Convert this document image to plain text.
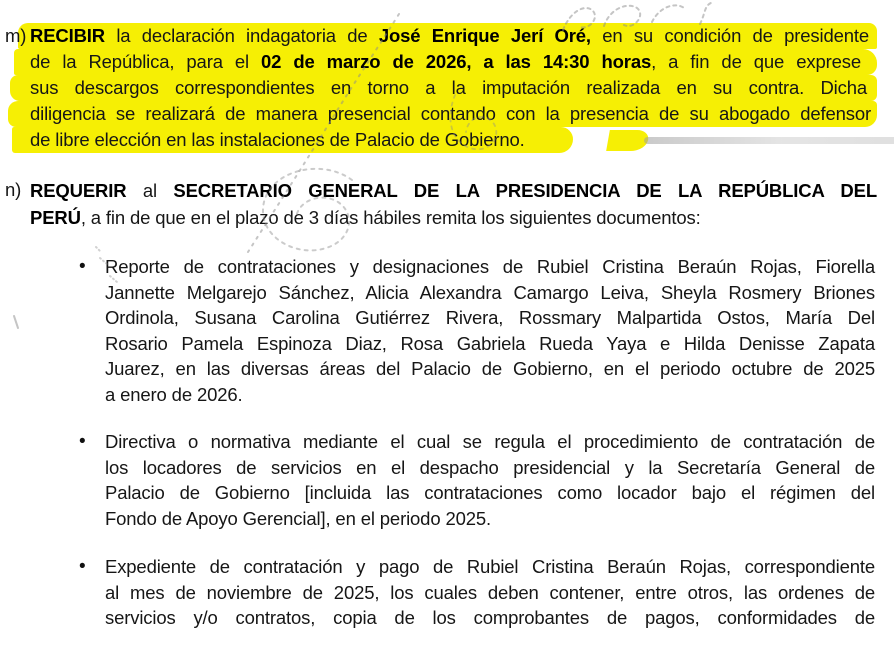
m) RECIBIR la declaración indagatoria de José Enrique Jerí Oré, en su condición de presidente
de la República, para el 02 de marzo de 2026, a las 14:30 horas, a fin de que exprese
sus descargos correspondientes en torno a la imputación realizada en su contra. Dicha
diligencia se realizará de manera presencial contando con la presencia de su abogado defensor
de libre elección en las instalaciones de Palacio de Gobierno.
n) REQUERIR al SECRETARIO GENERAL DE LA PRESIDENCIA DE LA REPÚBLICA DEL
PERÚ, a fin de que en el plazo de 3 días hábiles remita los siguientes documentos:
• Reporte de contrataciones y designaciones de Rubiel Cristina Beraún Rojas, Fiorella
Jannette Melgarejo Sánchez, Alicia Alexandra Camargo Leiva, Sheyla Rosmery Briones
Ordinola, Susana Carolina Gutiérrez Rivera, Rossmary Malpartida Ostos, María Del
Rosario Pamela Espinoza Diaz, Rosa Gabriela Rueda Yaya e Hilda Denisse Zapata
Juarez, en las diversas áreas del Palacio de Gobierno, en el periodo octubre de 2025
a enero de 2026.
• Directiva o normativa mediante el cual se regula el procedimiento de contratación de
los locadores de servicios en el despacho presidencial y la Secretaría General de
Palacio de Gobierno [incluida las contrataciones como locador bajo el régimen del
Fondo de Apoyo Gerencial], en el periodo 2025.
• Expediente de contratación y pago de Rubiel Cristina Beraún Rojas, correspondiente
al mes de noviembre de 2025, los cuales deben contener, entre otros, las ordenes de
servicios y/o contratos, copia de los comprobantes de pagos, conformidades de
